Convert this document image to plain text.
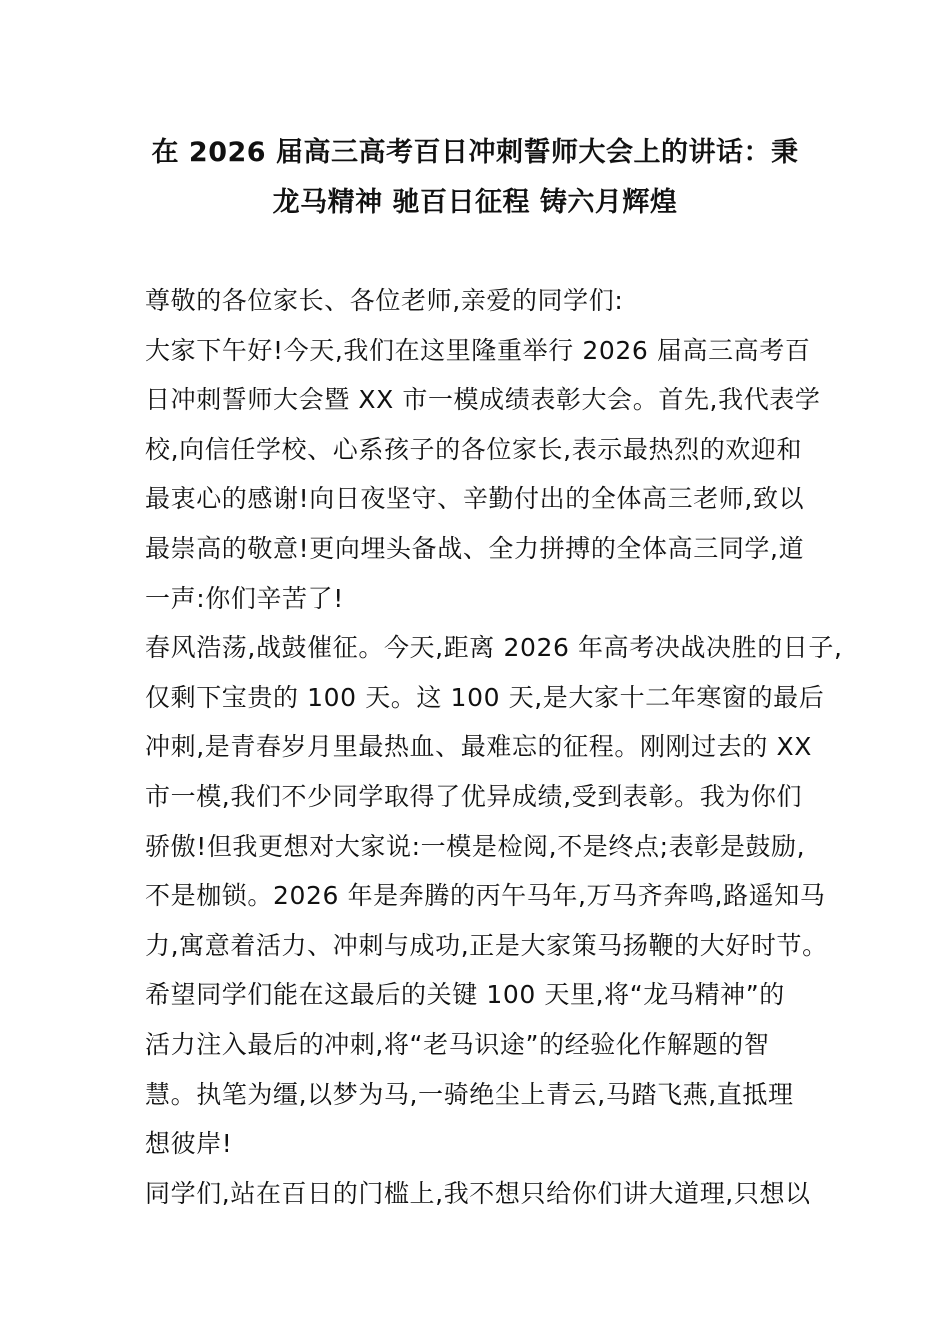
在 2026 届高三高考百日冲刺誓师大会上的讲话：秉
龙马精神 驰百日征程 铸六月辉煌
尊敬的各位家长、各位老师,亲爱的同学们:
大家下午好!今天,我们在这里隆重举行 2026 届高三高考百
日冲刺誓师大会暨 XX 市一模成绩表彰大会。首先,我代表学
校,向信任学校、心系孩子的各位家长,表示最热烈的欢迎和
最衷心的感谢!向日夜坚守、辛勤付出的全体高三老师,致以
最崇高的敬意!更向埋头备战、全力拼搏的全体高三同学,道
一声:你们辛苦了!
春风浩荡,战鼓催征。今天,距离 2026 年高考决战决胜的日子,
仅剩下宝贵的 100 天。这 100 天,是大家十二年寒窗的最后
冲刺,是青春岁月里最热血、最难忘的征程。刚刚过去的 XX
市一模,我们不少同学取得了优异成绩,受到表彰。我为你们
骄傲!但我更想对大家说:一模是检阅,不是终点;表彰是鼓励,
不是枷锁。2026 年是奔腾的丙午马年,万马齐奔鸣,路遥知马
力,寓意着活力、冲刺与成功,正是大家策马扬鞭的大好时节。
希望同学们能在这最后的关键 100 天里,将“龙马精神”的
活力注入最后的冲刺,将“老马识途”的经验化作解题的智
慧。执笔为缰,以梦为马,一骑绝尘上青云,马踏飞燕,直抵理
想彼岸!
同学们,站在百日的门槛上,我不想只给你们讲大道理,只想以
